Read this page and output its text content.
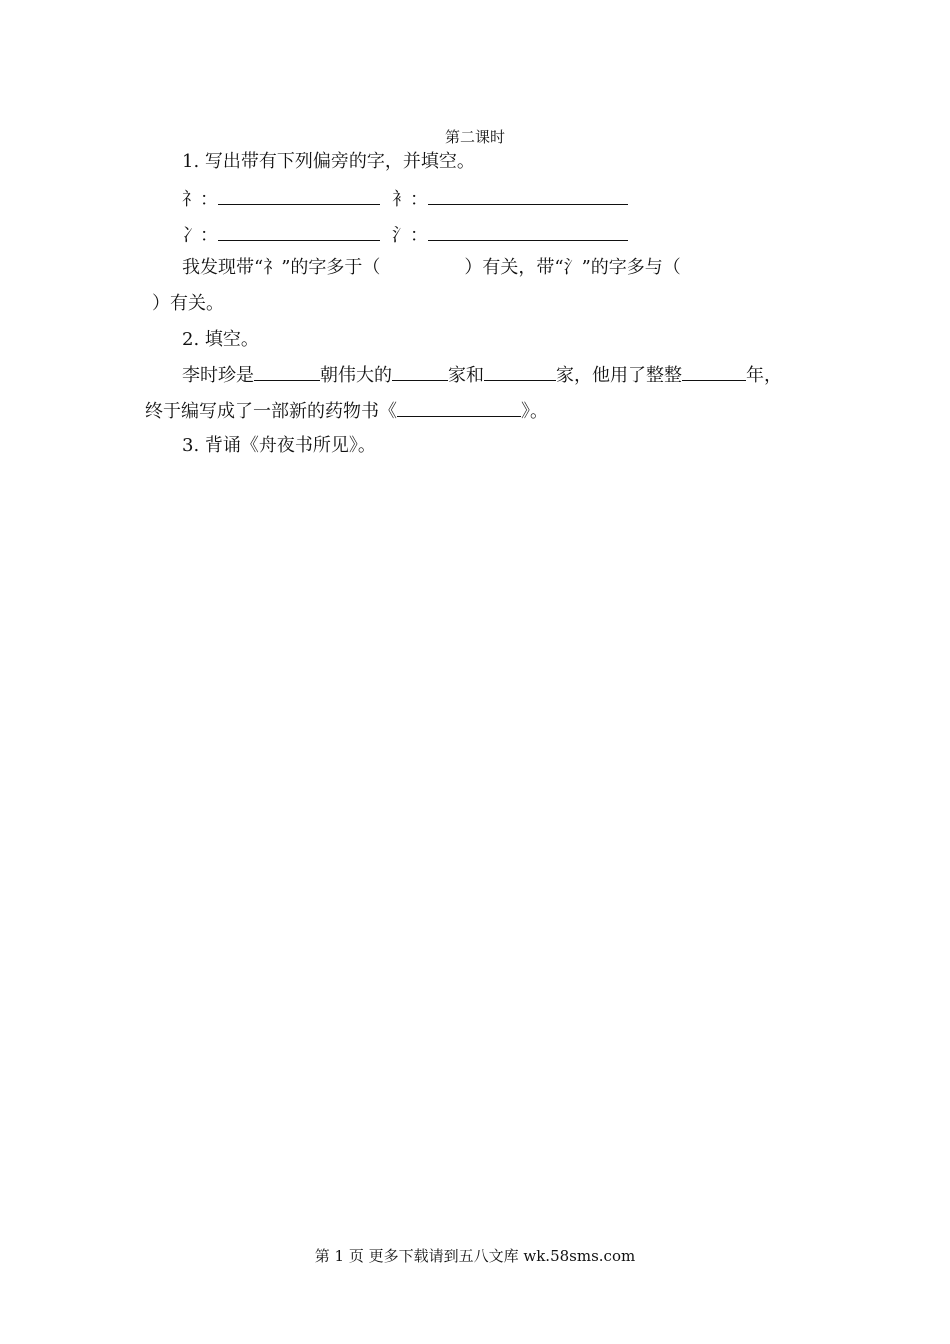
第二课时
1. 写出带有下列偏旁的字，并填空。
礻：	衤：
冫：	氵：
我发现带“礻”的字多于（	）有关，带“氵”的字多与（
）有关。
2. 填空。
李时珍是	朝伟大的	家和	家，他用了整整	年，
终于编写成了一部新的药物书《	》。
3. 背诵《舟夜书所见》。
第 1 页 更多下载请到五八文库 wk.58sms.com
